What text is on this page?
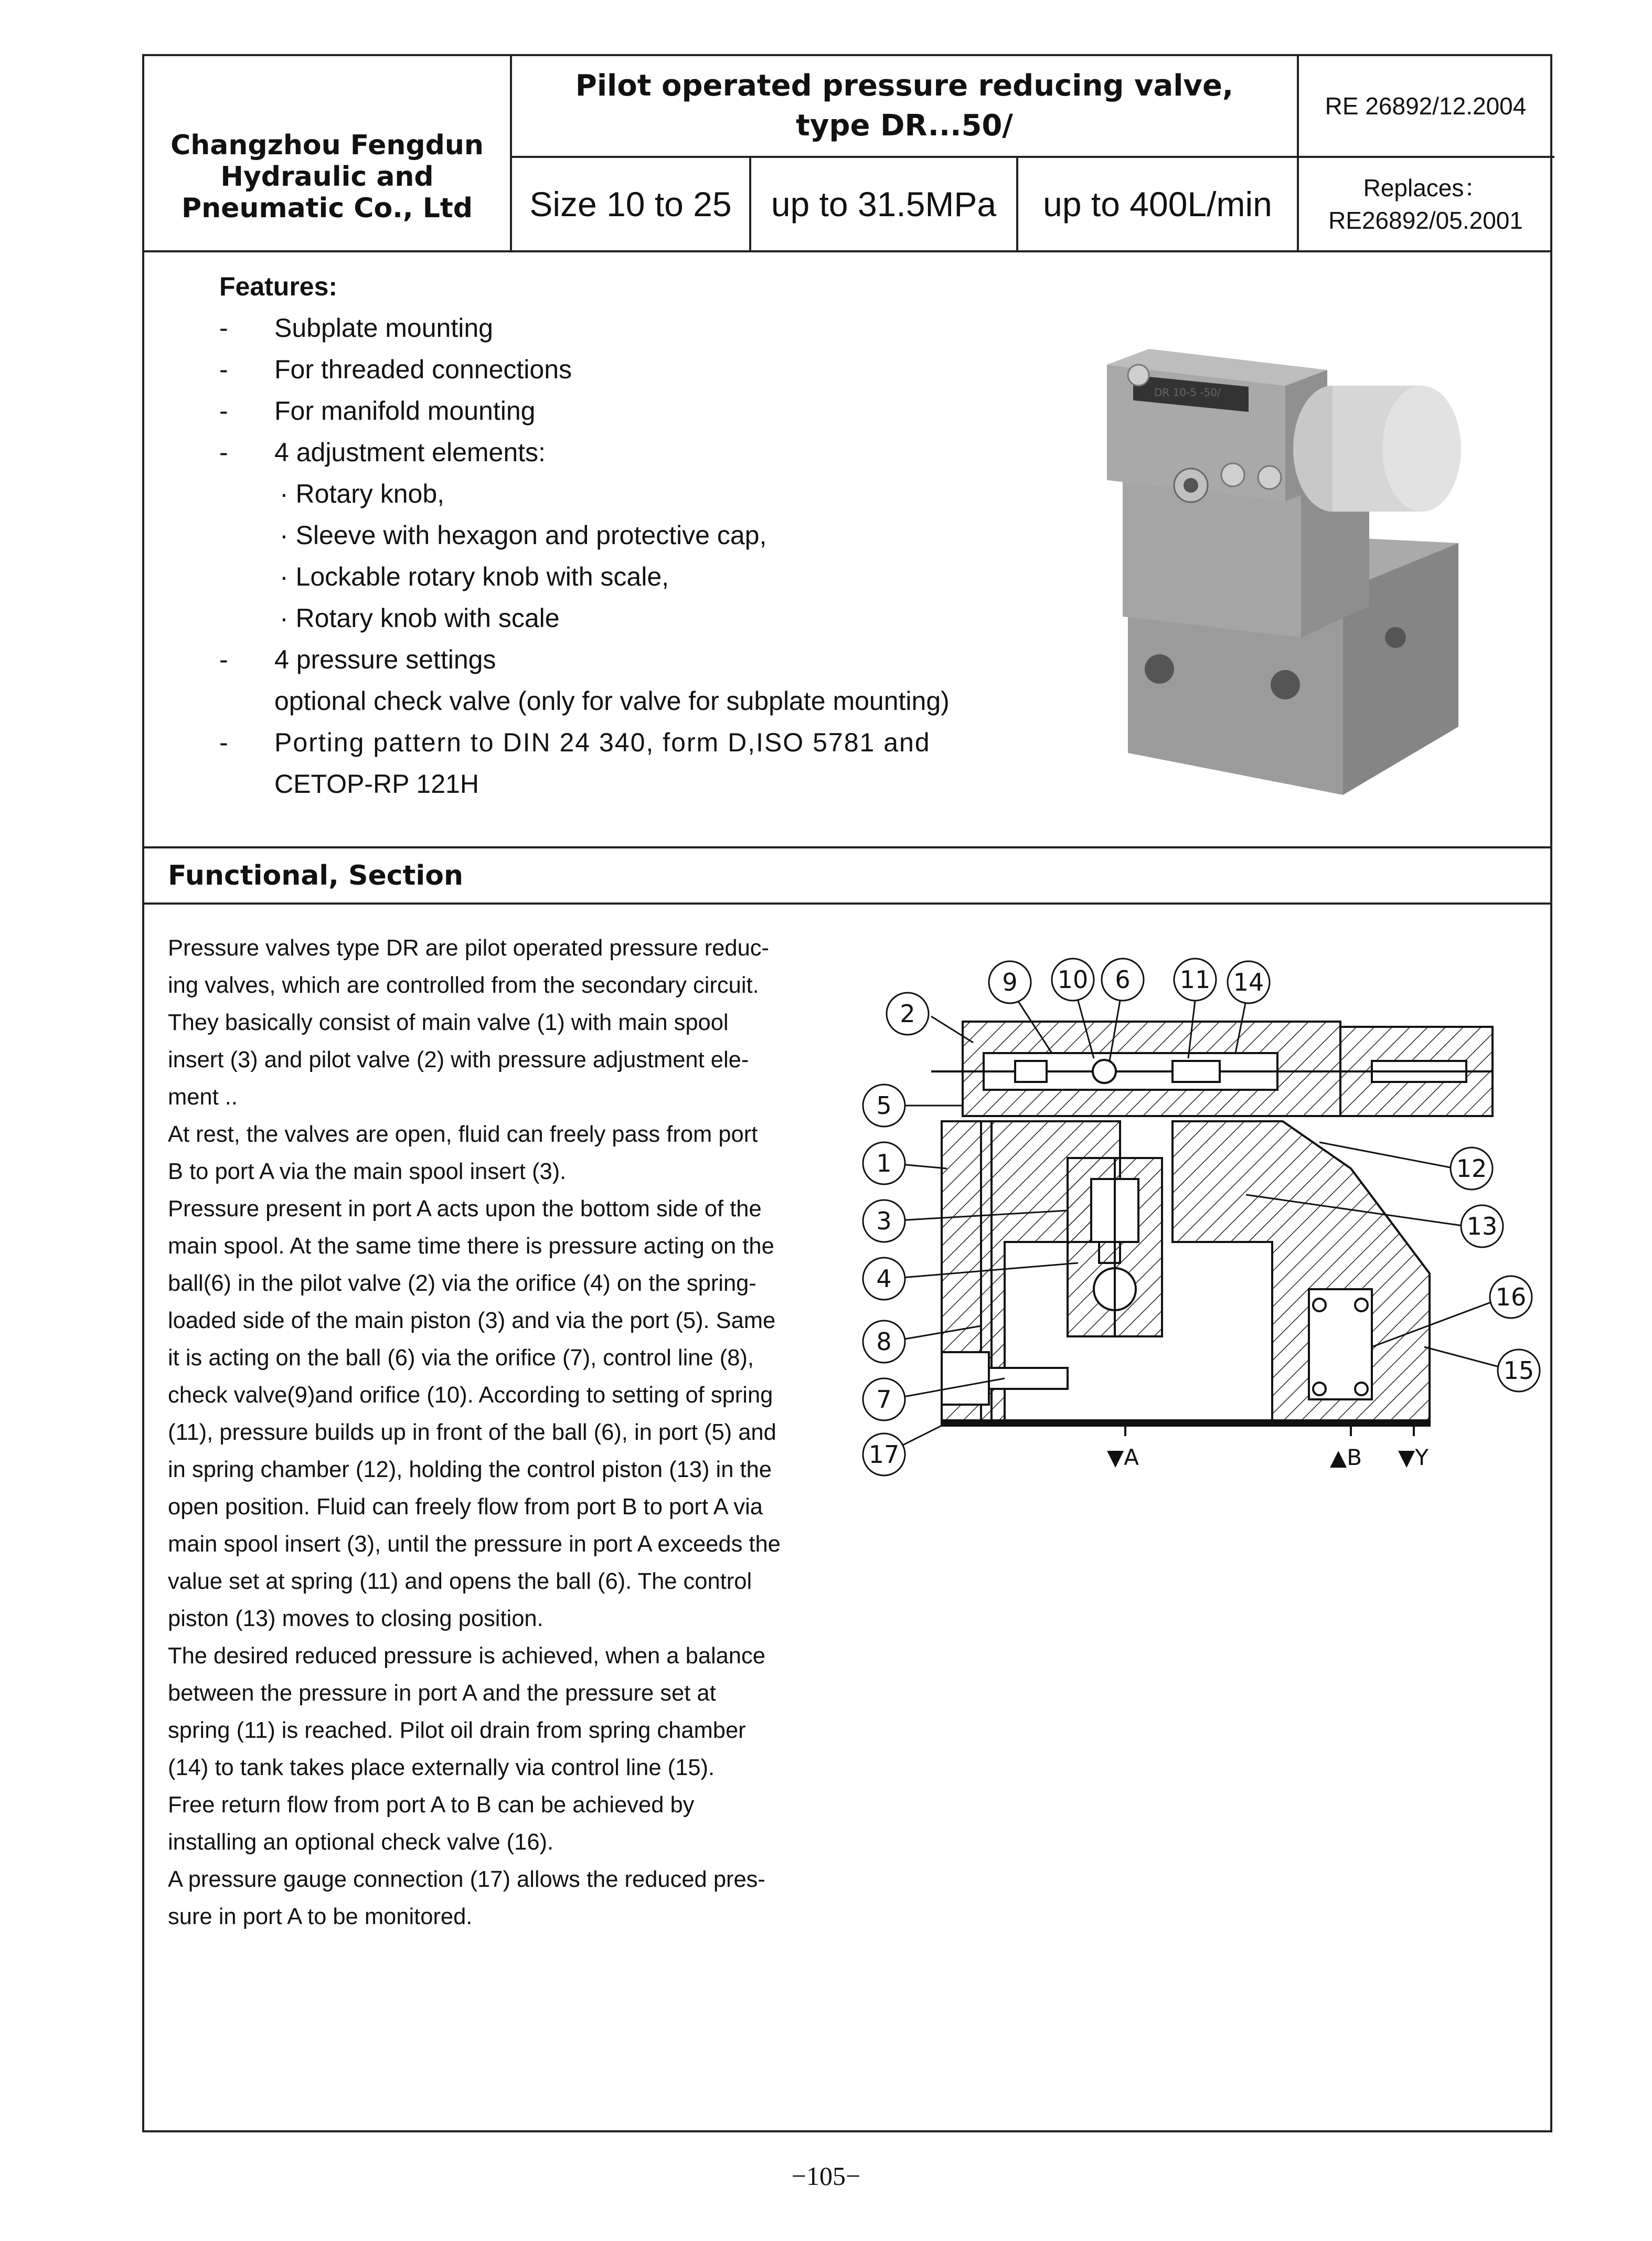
Changzhou Fengdun
Hydraulic and
Pneumatic Co., Ltd
Pilot operated pressure reducing valve,
type DR...50/
RE 26892/12.2004
Size 10 to 25	up to 31.5MPa	up to 400L/min	Replaces：
RE26892/05.2001
Features:
- Subplate mounting
- For threaded connections
- For manifold mounting
- 4 adjustment elements:
· Rotary knob,
· Sleeve with hexagon and protective cap,
· Lockable rotary knob with scale,
· Rotary knob with scale
- 4 pressure settings
optional check valve (only for valve for subplate mounting)
- Porting pattern to DIN 24 340, form D,ISO 5781 and
CETOP-RP 121H
DR 10-5 -50/
Functional, Section

Pressure valves type DR are pilot operated pressure reduc-

ing valves, which are controlled from the secondary circuit.

They basically consist of main valve (1) with main spool

insert (3) and pilot valve (2) with pressure adjustment ele-

ment ..

At rest, the valves are open, fluid can freely pass from port

B to port A via the main spool insert (3).

Pressure present in port A acts upon the bottom side of the

main spool. At the same time there is pressure acting on the

ball(6) in the pilot valve (2) via the orifice (4) on the spring-

loaded side of the main piston (3) and via the port (5). Same

it is acting on the ball (6) via the orifice (7), control line (8),

check valve(9)and orifice (10). According to setting of spring

(11), pressure builds up in front of the ball (6), in port (5) and

in spring chamber (12), holding the control piston (13) in the

open position. Fluid can freely flow from port B to port A via

main spool insert (3), until the pressure in port A exceeds the

value set at spring (11) and opens the ball (6). The control

piston (13) moves to closing position.

The desired reduced pressure is achieved, when a balance

between the pressure in port A and the pressure set at

spring (11) is reached. Pilot oil drain from spring chamber

(14) to tank takes place externally via control line (15).

Free return flow from port A to B can be achieved by

installing an optional check valve (16).

A pressure gauge connection (17) allows the reduced pres-

sure in port A to be monitored.

9 10 6 11 14
2
5
1	12
3	13
4
16
8
15
7
17	▼A	▲B ▼Y
−105−
